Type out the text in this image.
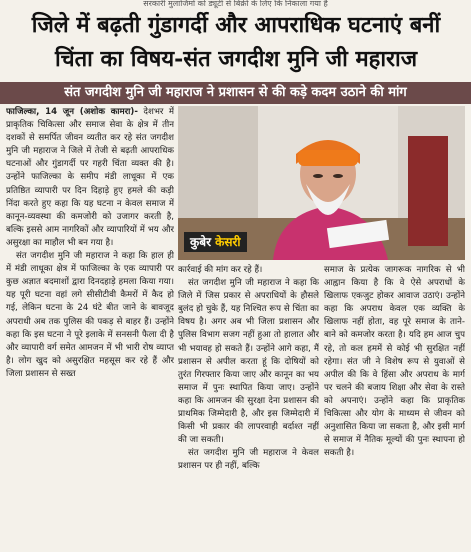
सरकारी मुलाजिमों को ड्यूटी से बिक्री के लिए कि निकाला गया है
जिले में बढ़ती गुंडागर्दी और आपराधिक घटनाएं बनीं
चिंता का विषय-संत जगदीश मुनि जी महाराज
संत जगदीश मुनि जी महाराज ने प्रशासन से की कड़े कदम उठाने की मांग

फाजिल्का, 14 जून (अशोक कामरा)- देशभर में प्राकृतिक चिकित्सा और समाज सेवा के क्षेत्र में तीन दशकों से समर्पित जीवन व्यतीत कर रहे संत जगदीश मुनि जी महाराज ने जिले में तेजी से बढ़ती आपराधिक घटनाओं और गुंडागर्दी पर गहरी चिंता व्यक्त की है। उन्होंने फाजिल्का के समीप मंडी लाधूका में एक प्रतिष्ठित व्यापारी पर दिन दिहाड़े हुए हमले की कड़ी निंदा करते हुए कहा कि यह घटना न केवल समाज में कानून-व्यवस्था की कमजोरी को उजागर करती है, बल्कि इससे आम नागरिकों और व्यापारियों में भय और असुरक्षा का माहौल भी बन गया है।

संत जगदीश मुनि जी महाराज ने कहा कि हाल ही में मंडी लाधूका क्षेत्र में फाजिल्का के एक व्यापारी पर कुछ अज्ञात बदमाशों द्वारा दिनदहाड़े हमला किया गया। यह पूरी घटना वहां लगे सीसीटीवी कैमरों में कैद हो गई, लेकिन घटना के 24 घंटे बीत जाने के बावजूद अपराधी अब तक पुलिस की पकड़ से बाहर हैं। उन्होंने कहा कि इस घटना ने पूरे इलाके में सनसनी फैला दी है और व्यापारी वर्ग समेत आमजन में भी भारी रोष व्याप्त है। लोग खुद को असुरक्षित महसूस कर रहे हैं और जिला प्रशासन से सख्त

कुबेर केसरी

कार्रवाई की मांग कर रहे हैं।

संत जगदीश मुनि जी महाराज ने कहा कि जिले में जिस प्रकार से अपराधियों के हौसले बुलंद हो चुके हैं, यह निश्चित रूप से चिंता का विषय है। अगर अब भी जिला प्रशासन और पुलिस विभाग सजग नहीं हुआ तो हालात और भी भयावह हो सकते हैं। उन्होंने आगे कहा, मैं प्रशासन से अपील करता हूं कि दोषियों को तुरंत गिरफ्तार किया जाए और कानून का भय समाज में पुनः स्थापित किया जाए। उन्होंने कहा कि आमजन की सुरक्षा देना प्रशासन की प्राथमिक जिम्मेदारी है, और इस जिम्मेदारी में किसी भी प्रकार की लापरवाही बर्दाश्त नहीं की जा सकती।

संत जगदीश मुनि जी महाराज ने केवल प्रशासन पर ही नहीं, बल्कि

समाज के प्रत्येक जागरूक नागरिक से भी आह्वान किया है कि वे ऐसे अपराधों के खिलाफ एकजुट होकर आवाज उठाएं। उन्होंने कहा कि अपराध केवल एक व्यक्ति के खिलाफ नहीं होता, वह पूरे समाज के ताने-बाने को कमजोर करता है। यदि हम आज चुप रहे, तो कल हममें से कोई भी सुरक्षित नहीं रहेगा। संत जी ने विशेष रूप से युवाओं से अपील की कि वे हिंसा और अपराध के मार्ग पर चलने की बजाय शिक्षा और सेवा के रास्ते को अपनाएं। उन्होंने कहा कि प्राकृतिक चिकित्सा और योग के माध्यम से जीवन को अनुशासित किया जा सकता है, और इसी मार्ग से समाज में नैतिक मूल्यों की पुनः स्थापना हो सकती है।
